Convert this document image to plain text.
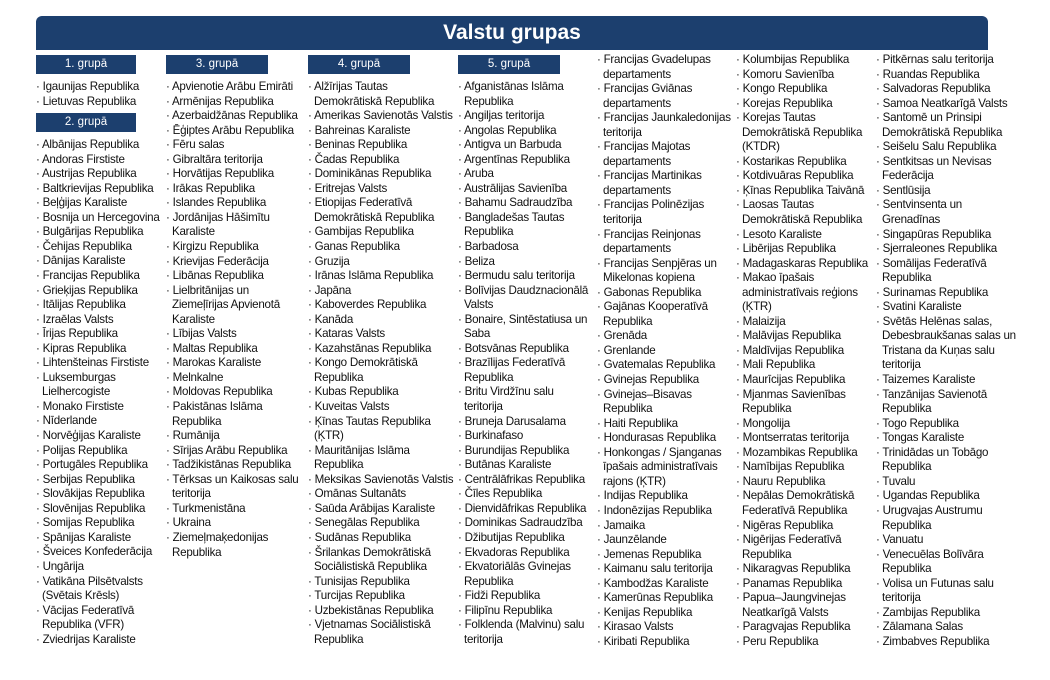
Valstu grupas
1. grupā
· Igaunijas Republika
· Lietuvas Republika
2. grupā
· Albānijas Republika
· Andoras Firstiste
· Austrijas Republika
· Baltkrievijas Republika
· Beļģijas Karaliste
· Bosnija un Hercegovina
· Bulgārijas Republika
· Čehijas Republika
· Dānijas Karaliste
· Francijas Republika
· Grieķijas Republika
· Itālijas Republika
· Izraēlas Valsts
· Īrijas Republika
· Kipras Republika
· Lihtenšteinas Firstiste
· Luksemburgas Lielhercogiste
· Monako Firstiste
· Nīderlande
· Norvēģijas Karaliste
· Polijas Republika
· Portugāles Republika
· Serbijas Republika
· Slovākijas Republika
· Slovēnijas Republika
· Somijas Republika
· Spānijas Karaliste
· Šveices Konfederācija
· Ungārija
· Vatikāna Pilsētvalsts (Svētais Krēsls)
· Vācijas Federatīvā Republika (VFR)
· Zviedrijas Karaliste
3. grupā
· Apvienotie Arābu Emirāti
· Armēnijas Republika
· Azerbaidžānas Republika
· Ēģiptes Arābu Republika
· Fēru salas
· Gibraltāra teritorija
· Horvātijas Republika
· Irākas Republika
· Islandes Republika
· Jordānijas Hāšimītu Karaliste
· Kirgizu Republika
· Krievijas Federācija
· Libānas Republika
· Lielbritānijas un Ziemeļīrijas Apvienotā Karaliste
· Lībijas Valsts
· Maltas Republika
· Marokas Karaliste
· Melnkalne
· Moldovas Republika
· Pakistānas Islāma Republika
· Rumānija
· Sīrijas Arābu Republika
· Tadžikistānas Republika
· Tērksas un Kaikosas salu teritorija
· Turkmenistāna
· Ukraina
· Ziemeļmaķedonijas Republika
4. grupā
· Alžīrijas Tautas Demokrātiskā Republika
· Amerikas Savienotās Valstis
· Bahreinas Karaliste
· Beninas Republika
· Čadas Republika
· Dominikānas Republika
· Eritrejas Valsts
· Etiopijas Federatīvā Demokrātiskā Republika
· Gambijas Republika
· Ganas Republika
· Gruzija
· Irānas Islāma Republika
· Japāna
· Kaboverdes Republika
· Kanāda
· Kataras Valsts
· Kazahstānas Republika
· Kongo Demokrātiskā Republika
· Kubas Republika
· Kuveitas Valsts
· Ķīnas Tautas Republika (ĶTR)
· Mauritānijas Islāma Republika
· Meksikas Savienotās Valstis
· Omānas Sultanāts
· Saūda Arābijas Karaliste
· Senegālas Republika
· Sudānas Republika
· Šrilankas Demokrātiskā Sociālistiskā Republika
· Tunisijas Republika
· Turcijas Republika
· Uzbekistānas Republika
· Vjetnamas Sociālistiskā Republika
5. grupā
· Afganistānas Islāma Republika
· Angiljas teritorija
· Angolas Republika
· Antigva un Barbuda
· Argentīnas Republika
· Aruba
· Austrālijas Savienība
· Bahamu Sadraudzība
· Bangladešas Tautas Republika
· Barbadosa
· Beliza
· Bermudu salu teritorija
· Bolīvijas Daudznacionālā Valsts
· Bonaire, Sintēstatiusa un Saba
· Botsvānas Republika
· Brazīlijas Federatīvā Republika
· Britu Virdžīnu salu teritorija
· Bruneja Darusalama
· Burkinafaso
· Burundijas Republika
· Butānas Karaliste
· Centrālāfrikas Republika
· Čīles Republika
· Dienvidāfrikas Republika
· Dominikas Sadraudzība
· Džibutijas Republika
· Ekvadoras Republika
· Ekvatoriālās Gvinejas Republika
· Fidži Republika
· Filipīnu Republika
· Folklenda (Malvinu) salu teritorija
· Francijas Gvadelupas departaments
· Francijas Gviānas departaments
· Francijas Jaunkaledonijas teritorija
· Francijas Majotas departaments
· Francijas Martinikas departaments
· Francijas Polinēzijas teritorija
· Francijas Reinjonas departaments
· Francijas Senpjēras un Mikelonas kopiena
· Gabonas Republika
· Gajānas Kooperatīvā Republika
· Grenāda
· Grenlande
· Gvatemalas Republika
· Gvinejas Republika
· Gvinejas–Bisavas Republika
· Haiti Republika
· Hondurasas Republika
· Honkongas / Sjanganas īpašais administratīvais rajons (ĶTR)
· Indijas Republika
· Indonēzijas Republika
· Jamaika
· Jaunzēlande
· Jemenas Republika
· Kaimanu salu teritorija
· Kambodžas Karaliste
· Kamerūnas Republika
· Kenijas Republika
· Kirasao Valsts
· Kiribati Republika
· Kolumbijas Republika
· Komoru Savienība
· Kongo Republika
· Korejas Republika
· Korejas Tautas Demokrātiskā Republika (KTDR)
· Kostarikas Republika
· Kotdivuāras Republika
· Ķīnas Republika Taivānā
· Laosas Tautas Demokrātiskā Republika
· Lesoto Karaliste
· Libērijas Republika
· Madagaskaras Republika
· Makao īpašais administratīvais reģions (ĶTR)
· Malaizija
· Malāvijas Republika
· Maldīvijas Republika
· Mali Republika
· Maurīcijas Republika
· Mjanmas Savienības Republika
· Mongolija
· Montserratas teritorija
· Mozambikas Republika
· Namībijas Republika
· Nauru Republika
· Nepālas Demokrātiskā Federatīvā Republika
· Nigēras Republika
· Nigērijas Federatīvā Republika
· Nikaragvas Republika
· Panamas Republika
· Papua–Jaungvinejas Neatkarīgā Valsts
· Paragvajas Republika
· Peru Republika
· Pitkērnas salu teritorija
· Ruandas Republika
· Salvadoras Republika
· Samoa Neatkarīgā Valsts
· Santomē un Prinsipi Demokrātiskā Republika
· Seišelu Salu Republika
· Sentkitsas un Nevisas Federācija
· Sentlūsija
· Sentvinsenta un Grenadīnas
· Singapūras Republika
· Sjerraleones Republika
· Somālijas Federatīvā Republika
· Surinamas Republika
· Svatini Karaliste
· Svētās Helēnas salas, Debesbraukšanas salas un Tristana da Kuņas salu teritorija
· Taizemes Karaliste
· Tanzānijas Savienotā Republika
· Togo Republika
· Tongas Karaliste
· Trinidādas un Tobāgo Republika
· Tuvalu
· Ugandas Republika
· Urugvajas Austrumu Republika
· Vanuatu
· Venecuēlas Bolīvāra Republika
· Volisa un Futunas salu teritorija
· Zambijas Republika
· Zālamana Salas
· Zimbabves Republika
